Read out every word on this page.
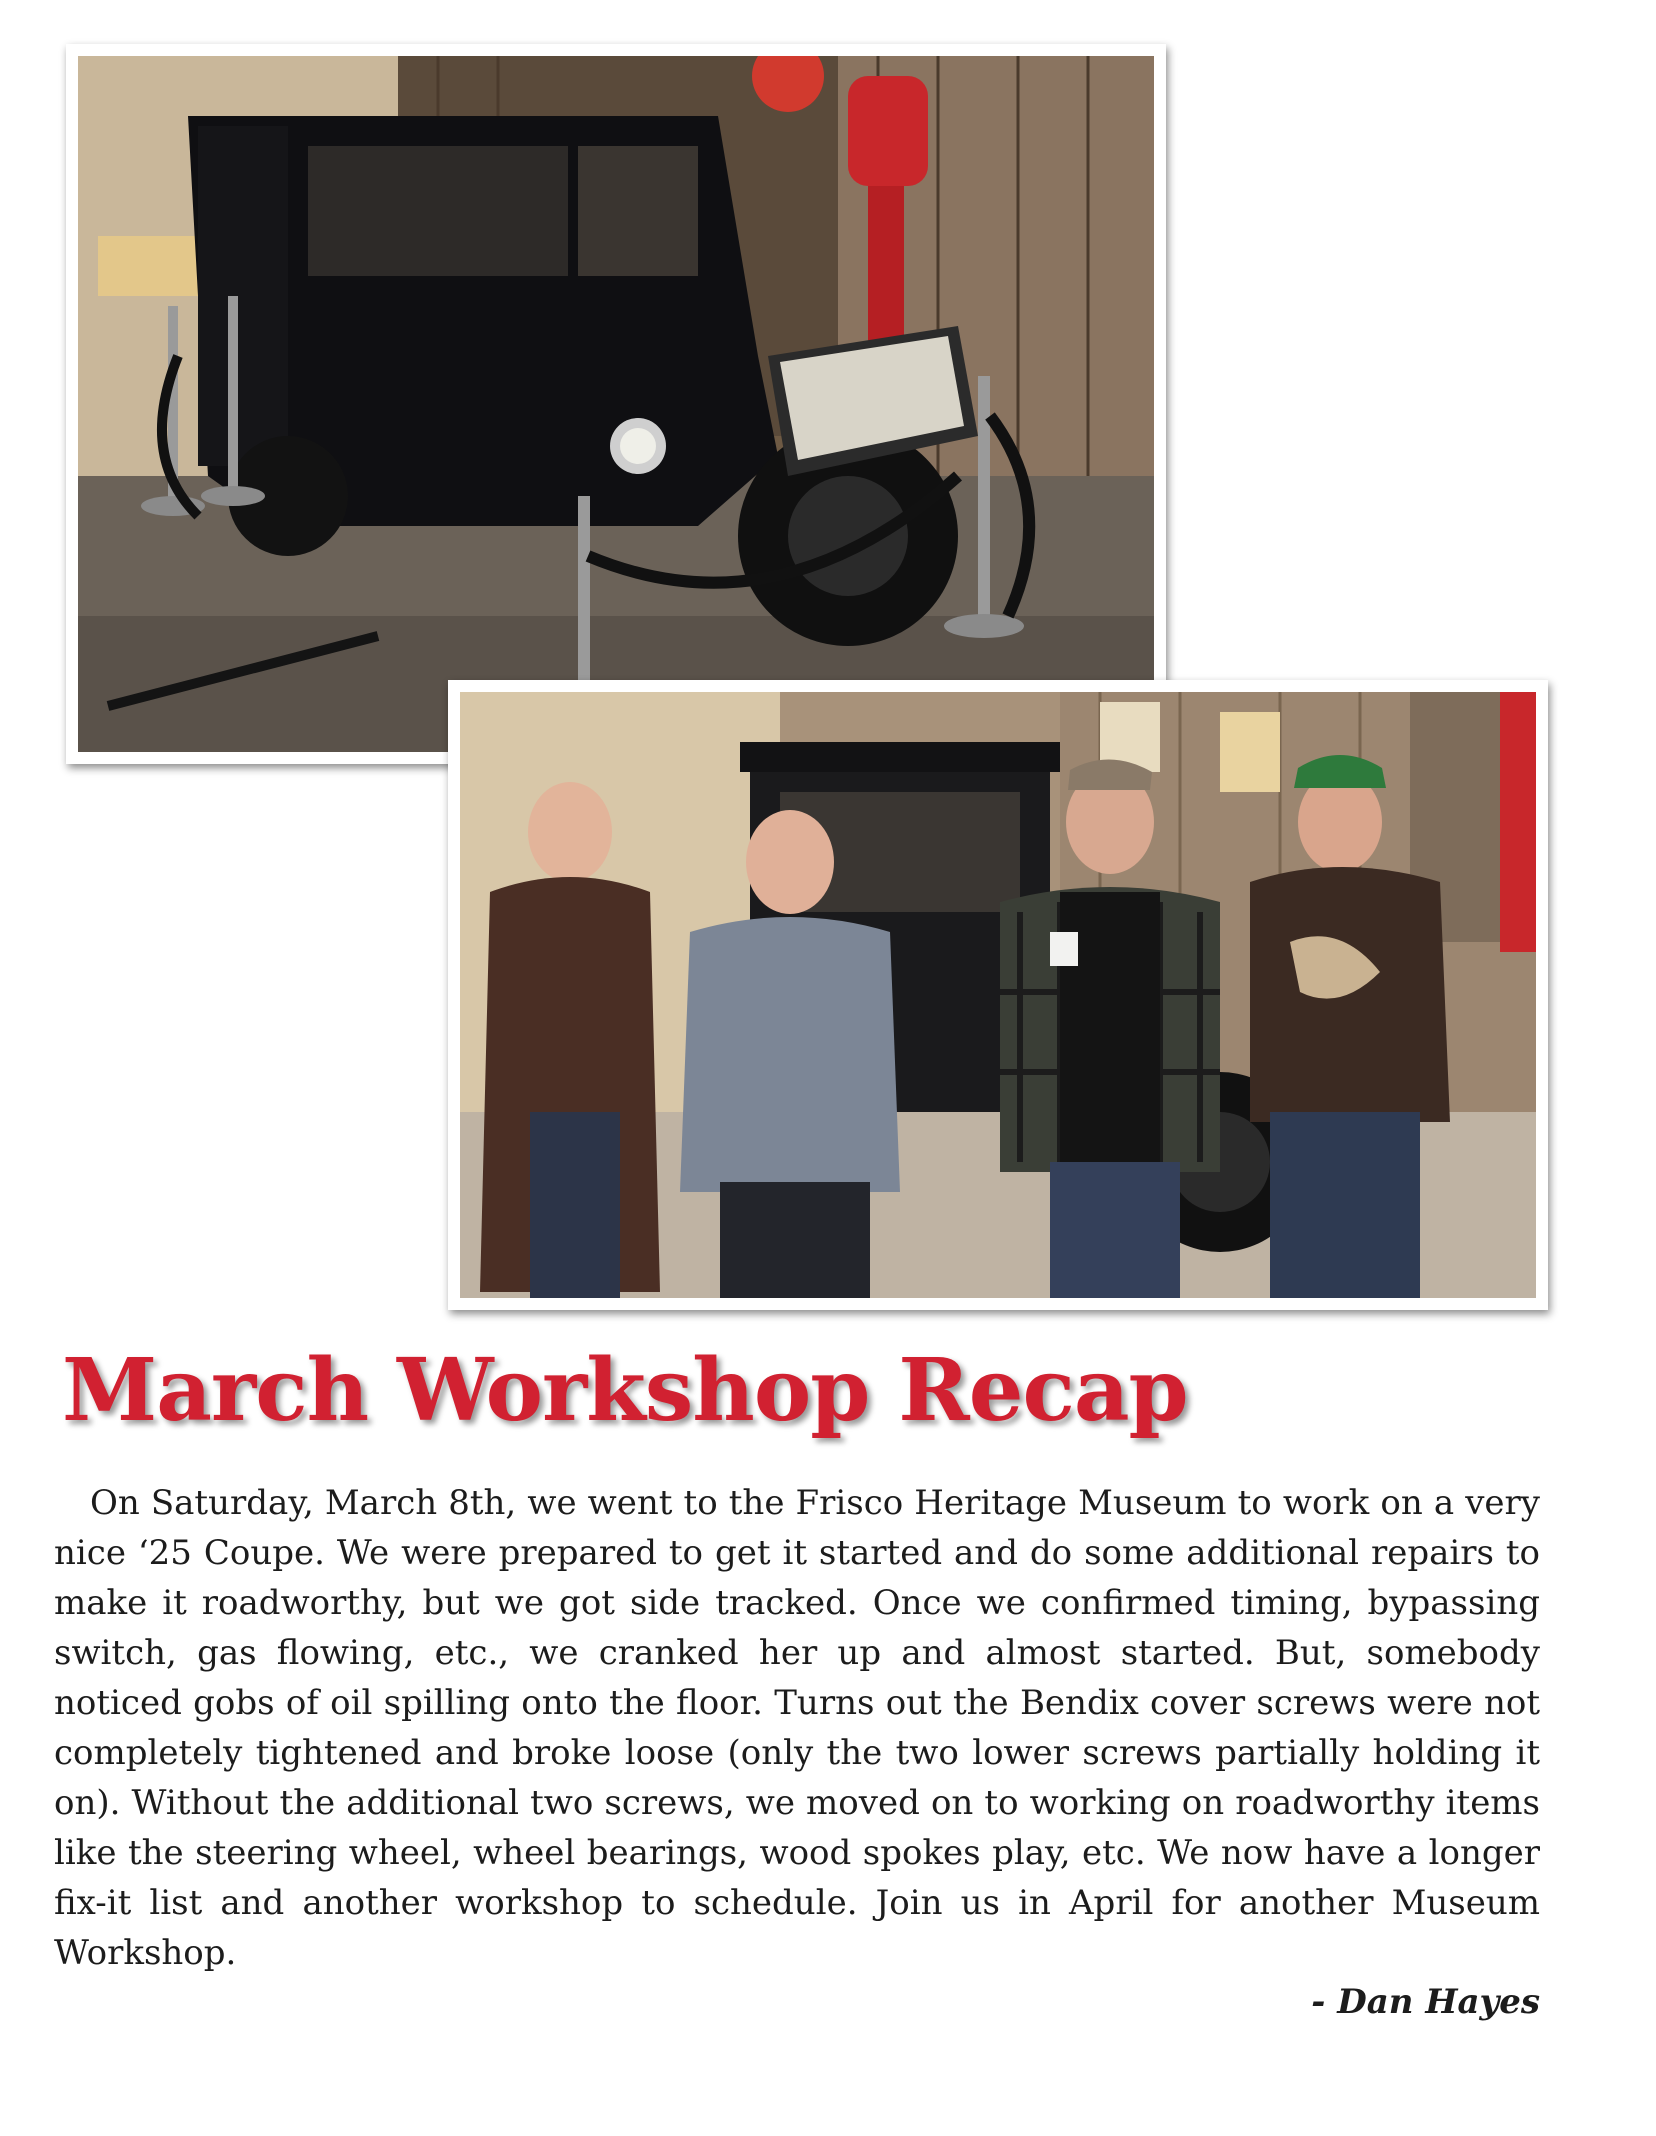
March Workshop Recap

On Saturday, March 8th, we went to the Frisco Heritage Museum to work on a very nice ‘25 Coupe. We were prepared to get it started and do some additional repairs to make it roadworthy, but we got side tracked. Once we confirmed timing, bypassing switch, gas flowing, etc., we cranked her up and almost started. But, somebody noticed gobs of oil spilling onto the floor. Turns out the Bendix cover screws were not completely tightened and broke loose (only the two lower screws partially holding it on). Without the additional two screws, we moved on to working on roadworthy items like the steering wheel, wheel bearings, wood spokes play, etc. We now have a longer fix-it list and another workshop to schedule. Join us in April for another Museum Workshop.

- Dan Hayes
